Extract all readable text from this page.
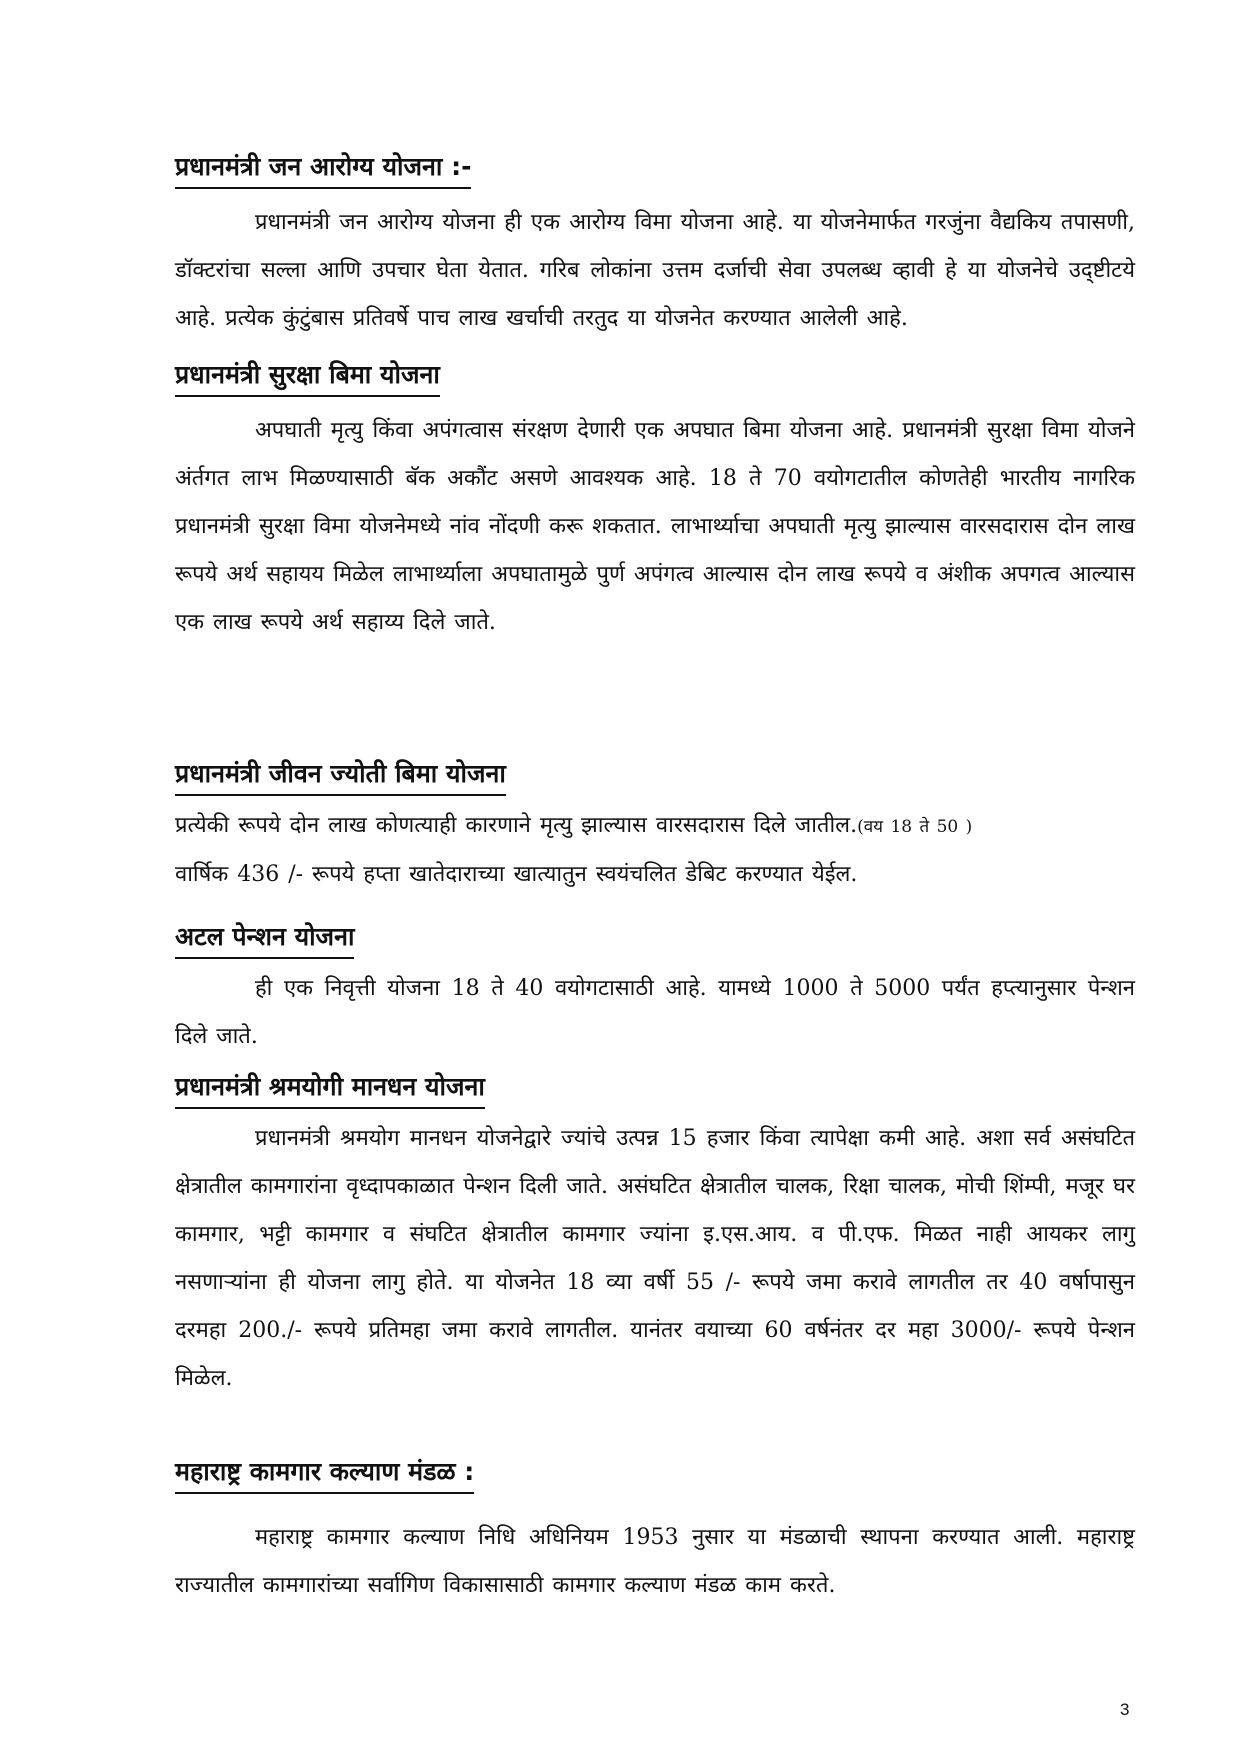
प्रधानमंत्री जन आरोग्य योजना :-

प्रधानमंत्री जन आरोग्य योजना ही एक आरोग्य विमा योजना आहे. या योजनेमार्फत गरजुंना वैद्यकिय तपासणी, डॉक्टरांचा सल्ला आणि उपचार घेता येतात. गरिब लोकांना उत्तम दर्जाची सेवा उपलब्ध व्हावी हे या योजनेचे उद्ष्टीटये आहे. प्रत्येक कुंटुंबास प्रतिवर्षे पाच लाख खर्चाची तरतुद या योजनेत करण्यात आलेली आहे.

प्रधानमंत्री सुरक्षा बिमा योजना

अपघाती मृत्यु किंवा अपंगत्वास संरक्षण देणारी एक अपघात बिमा योजना आहे. प्रधानमंत्री सुरक्षा विमा योजने अंर्तगत लाभ मिळण्यासाठी बॅक अकौंट असणे आवश्यक आहे. 18 ते 70 वयोगटातील कोणतेही भारतीय नागरिक प्रधानमंत्री सुरक्षा विमा योजनेमध्ये नांव नोंदणी करू शकतात. लाभार्थ्याचा अपघाती मृत्यु झाल्यास वारसदारास दोन लाख रूपये अर्थ सहायय मिळेल लाभार्थ्याला अपघातामुळे पुर्ण अपंगत्व आल्यास दोन लाख रूपये व अंशीक अपगत्व आल्यास एक लाख रूपये अर्थ सहाय्य दिले जाते.

प्रधानमंत्री जीवन ज्योती बिमा योजना

प्रत्येकी रूपये दोन लाख कोणत्याही कारणाने मृत्यु झाल्यास वारसदारास दिले जातील.(वय 18 ते 50 )

वार्षिक 436 /- रूपये हप्ता खातेदाराच्या खात्यातुन स्वयंचलित डेबिट करण्यात येईल.

अटल पेन्शन योजना

ही एक निवृत्ती योजना 18 ते 40 वयोगटासाठी आहे. यामध्ये 1000 ते 5000 पर्यंत हप्त्यानुसार पेन्शन दिले जाते.

प्रधानमंत्री श्रमयोगी मानधन योजना

प्रधानमंत्री श्रमयोग मानधन योजनेद्वारे ज्यांचे उत्पन्न 15 हजार किंवा त्यापेक्षा कमी आहे. अशा सर्व असंघटित क्षेत्रातील कामगारांना वृध्दापकाळात पेन्शन दिली जाते. असंघटित क्षेत्रातील चालक, रिक्षा चालक, मोची शिंम्पी, मजूर घर कामगार, भट्टी कामगार व संघटित क्षेत्रातील कामगार ज्यांना इ.एस.आय. व पी.एफ. मिळत नाही आयकर लागु नसणाऱ्यांना ही योजना लागु होते. या योजनेत 18 व्या वर्षी 55 /- रूपये जमा करावे लागतील तर 40 वर्षापासुन दरमहा 200./- रूपये प्रतिमहा जमा करावे लागतील. यानंतर वयाच्या 60 वर्षनंतर दर महा 3000/- रूपये पेन्शन मिळेल.

महाराष्ट्र कामगार कल्याण मंडळ :

महाराष्ट्र कामगार कल्याण निधि अधिनियम 1953 नुसार या मंडळाची स्थापना करण्यात आली. महाराष्ट्र राज्यातील कामगारांच्या सर्वागिण विकासासाठी कामगार कल्याण मंडळ काम करते.

3
